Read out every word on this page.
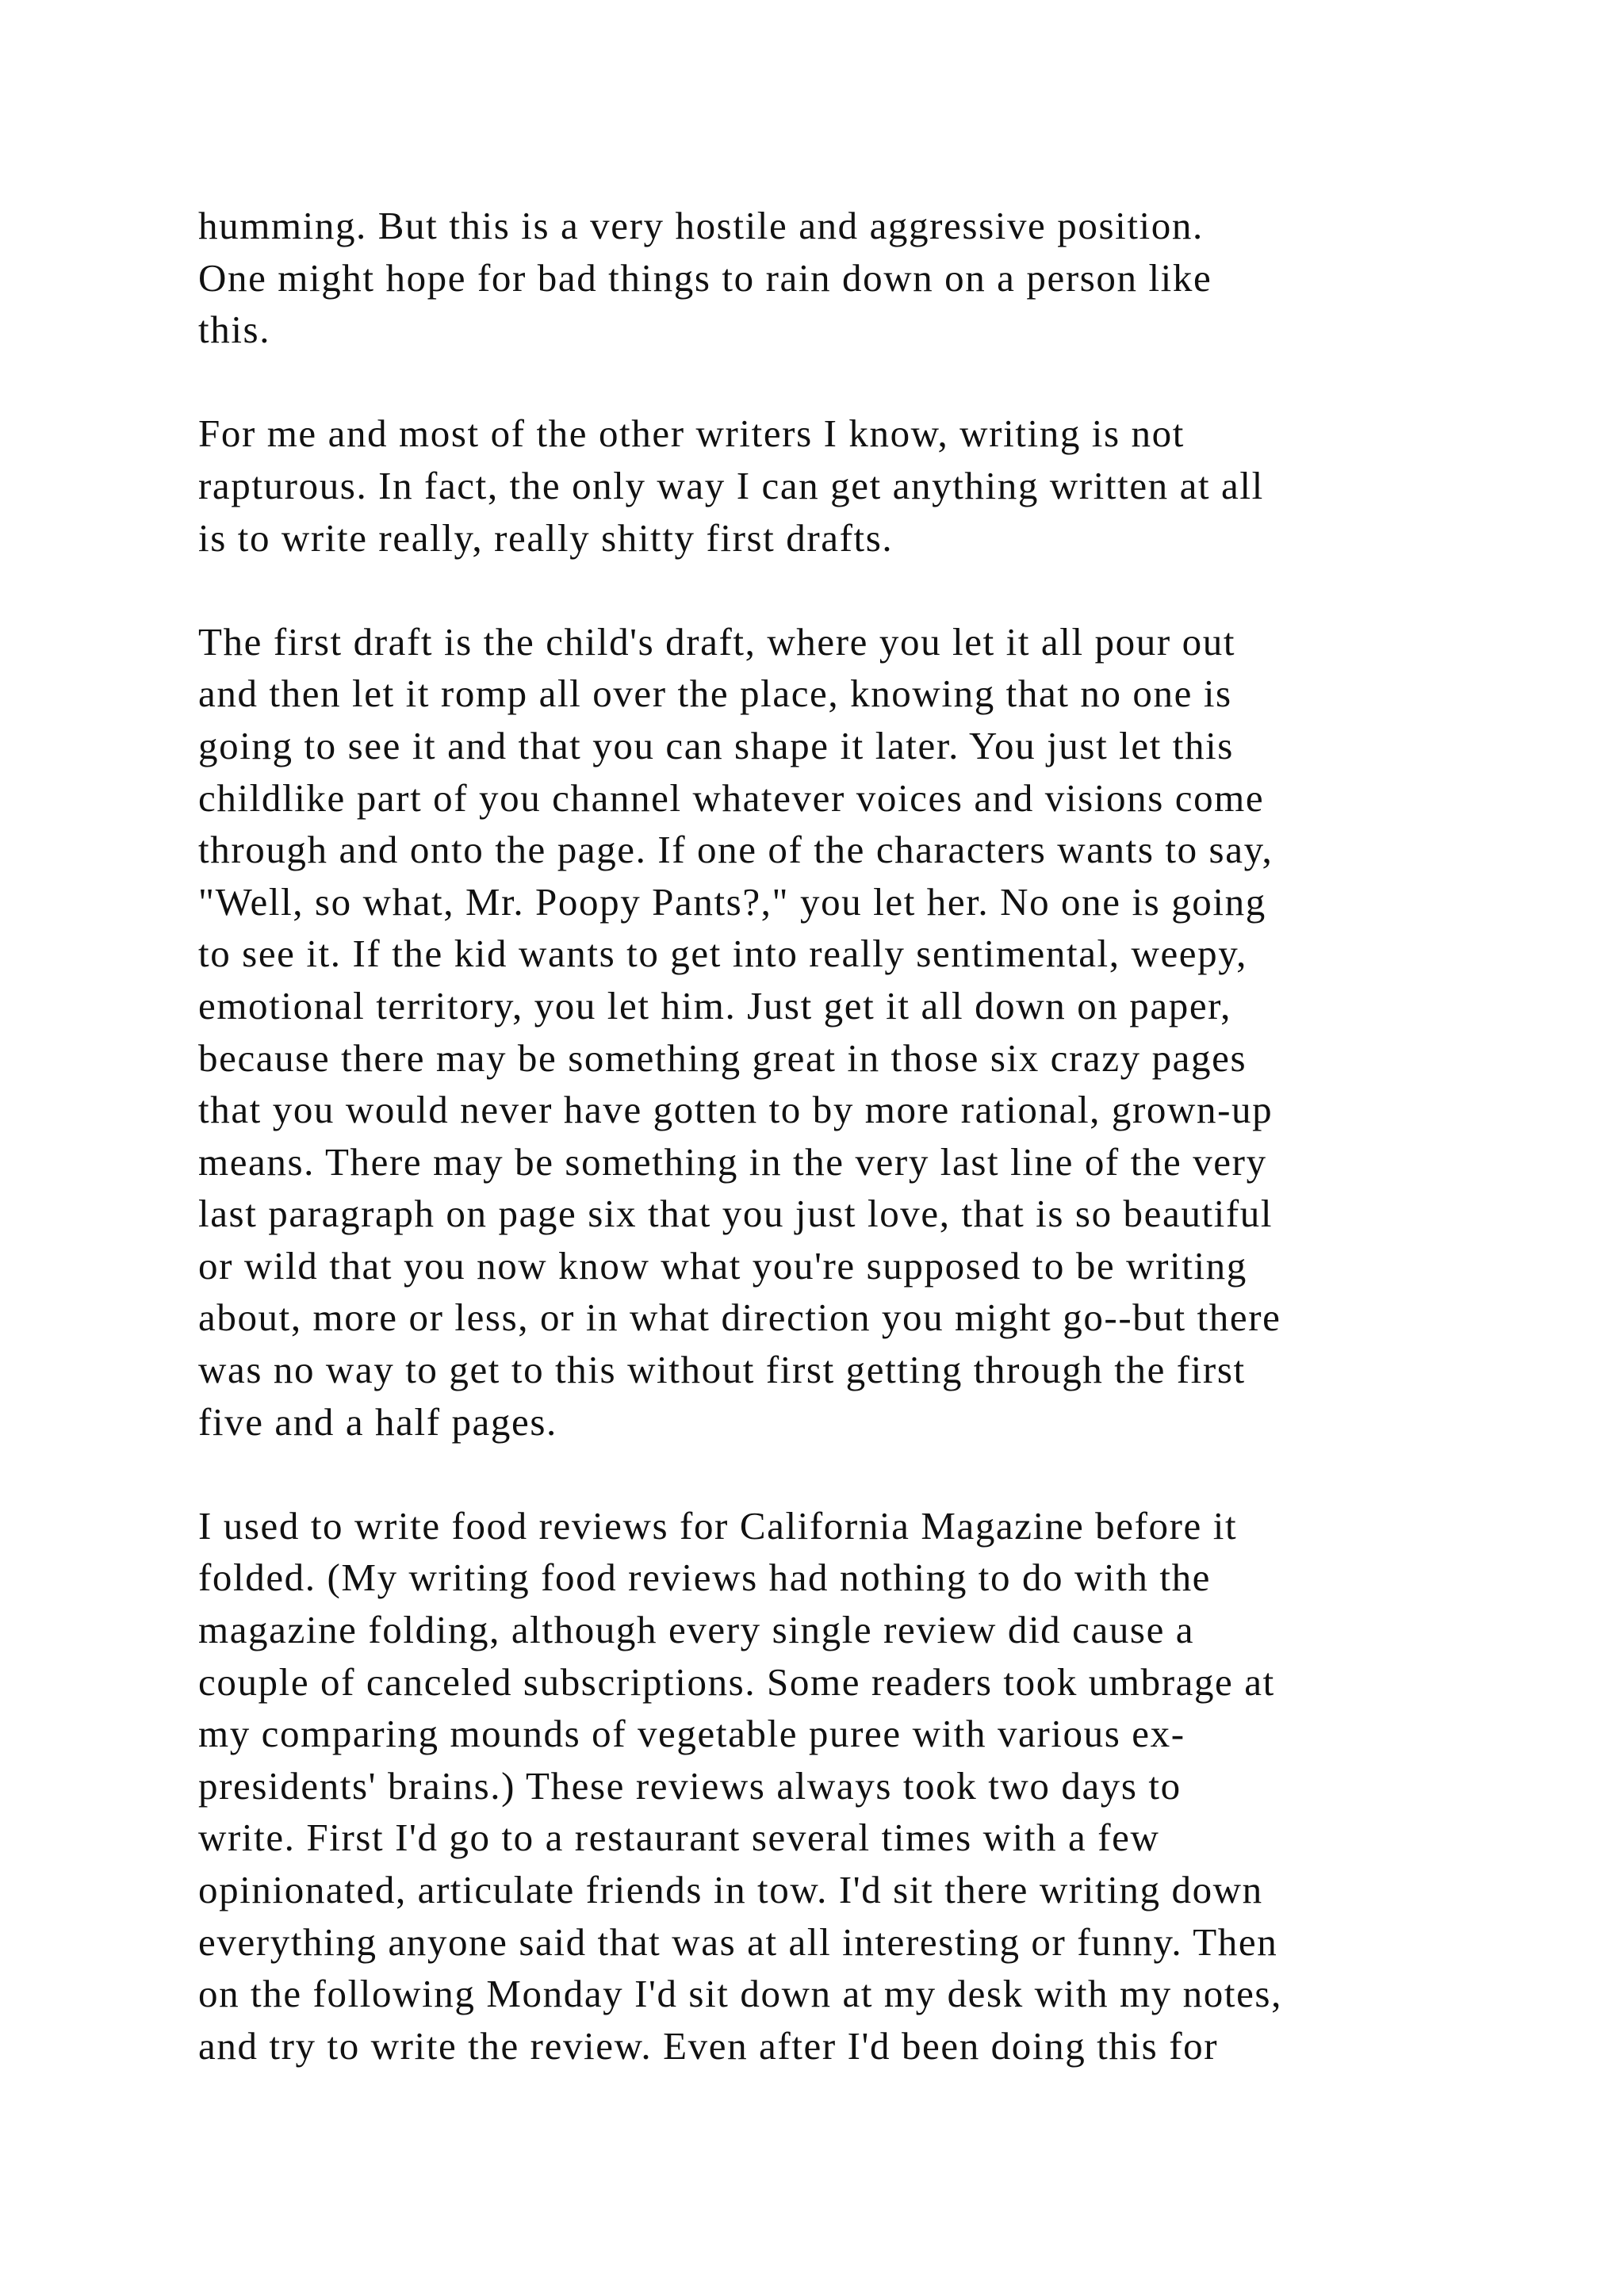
humming. But this is a very hostile and aggressive position.
One might hope for bad things to rain down on a person like
this.

For me and most of the other writers I know, writing is not
rapturous. In fact, the only way I can get anything written at all
is to write really, really shitty first drafts.

The first draft is the child's draft, where you let it all pour out
and then let it romp all over the place, knowing that no one is
going to see it and that you can shape it later. You just let this
childlike part of you channel whatever voices and visions come
through and onto the page. If one of the characters wants to say,
"Well, so what, Mr. Poopy Pants?," you let her. No one is going
to see it. If the kid wants to get into really sentimental, weepy,
emotional territory, you let him. Just get it all down on paper,
because there may be something great in those six crazy pages
that you would never have gotten to by more rational, grown-up
means. There may be something in the very last line of the very
last paragraph on page six that you just love, that is so beautiful
or wild that you now know what you're supposed to be writing
about, more or less, or in what direction you might go--but there
was no way to get to this without first getting through the first
five and a half pages.

I used to write food reviews for California Magazine before it
folded. (My writing food reviews had nothing to do with the
magazine folding, although every single review did cause a
couple of canceled subscriptions. Some readers took umbrage at
my comparing mounds of vegetable puree with various ex-
presidents' brains.) These reviews always took two days to
write. First I'd go to a restaurant several times with a few
opinionated, articulate friends in tow. I'd sit there writing down
everything anyone said that was at all interesting or funny. Then
on the following Monday I'd sit down at my desk with my notes,
and try to write the review. Even after I'd been doing this for
